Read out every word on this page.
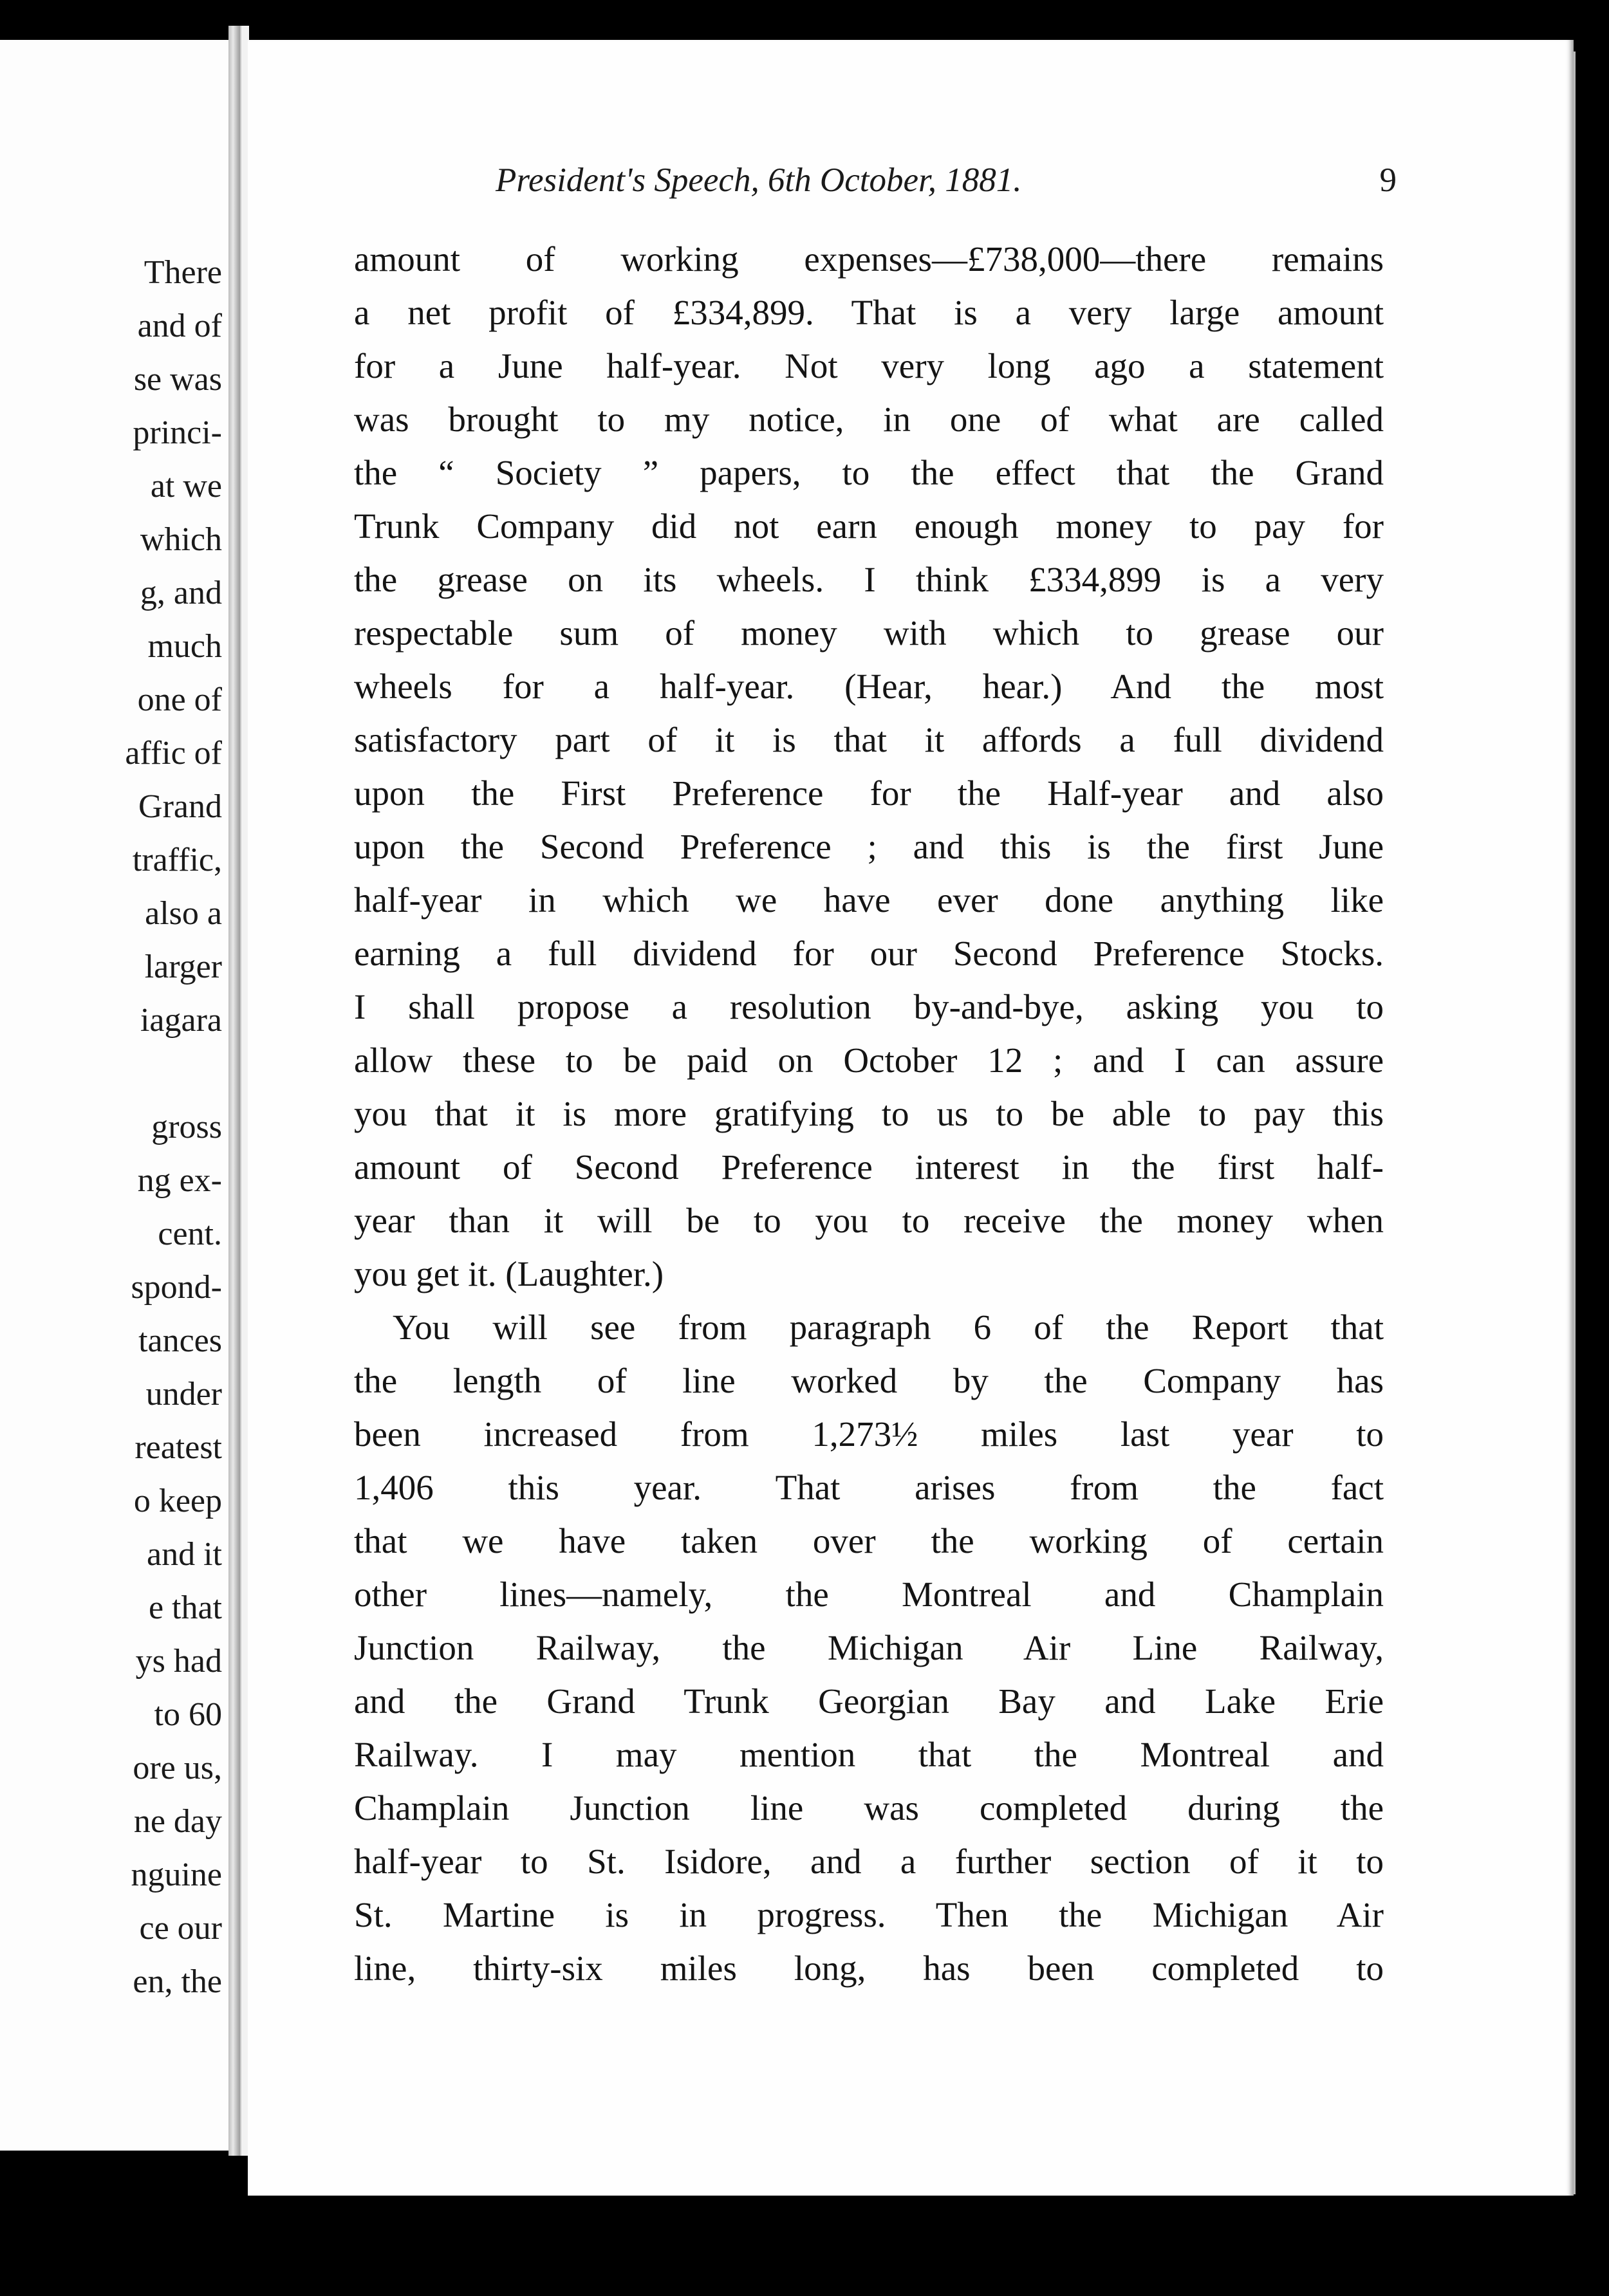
There

and of

se was

princi-

at we

which

g, and

much

one of

affic of

Grand

traffic,

also a

larger

iagara

gross

ng ex-

cent.

spond-

tances

under

reatest

o keep

and it

e that

ys had

to 60

ore us,

ne day

nguine

ce our

en, the

President's Speech, 6th October, 1881.	9

amount of working expenses—£738,000—there remains

a net profit of £334,899. That is a very large amount

for a June half-year. Not very long ago a statement

was brought to my notice, in one of what are called

the “ Society ” papers, to the effect that the Grand

Trunk Company did not earn enough money to pay for

the grease on its wheels. I think £334,899 is a very

respectable sum of money with which to grease our

wheels for a half-year. (Hear, hear.) And the most

satisfactory part of it is that it affords a full dividend

upon the First Preference for the Half-year and also

upon the Second Preference ; and this is the first June

half-year in which we have ever done anything like

earning a full dividend for our Second Preference Stocks.

I shall propose a resolution by-and-bye, asking you to

allow these to be paid on October 12 ; and I can assure

you that it is more gratifying to us to be able to pay this

amount of Second Preference interest in the first half-

year than it will be to you to receive the money when

you get it. (Laughter.)

You will see from paragraph 6 of the Report that

the length of line worked by the Company has

been increased from 1,273½ miles last year to

1,406 this year. That arises from the fact

that we have taken over the working of certain

other lines—namely, the Montreal and Champlain

Junction Railway, the Michigan Air Line Railway,

and the Grand Trunk Georgian Bay and Lake Erie

Railway. I may mention that the Montreal and

Champlain Junction line was completed during the

half-year to St. Isidore, and a further section of it to

St. Martine is in progress. Then the Michigan Air

line, thirty-six miles long, has been completed to
